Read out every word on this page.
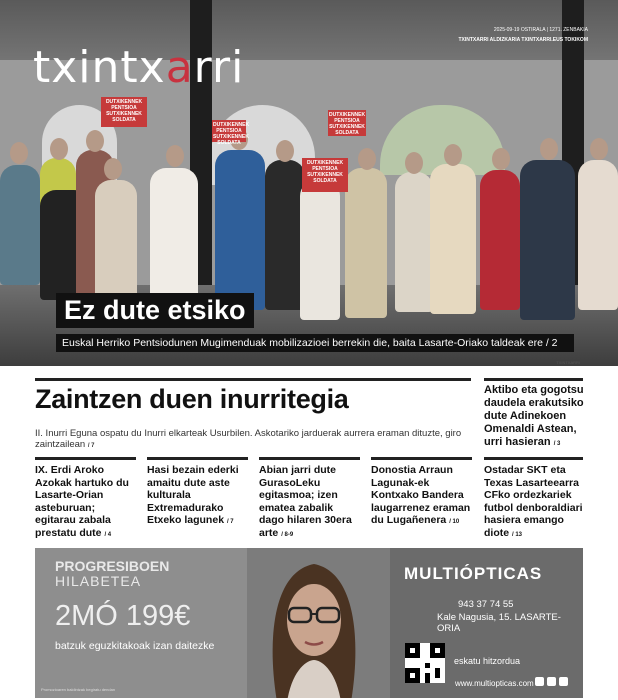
DUTXIKENNEK PENTSIOA SUTXIKENNEK SOLDATA
DUTXIKENNEK PENTSIOA SUTXIKENNEK SOLDATA
DUTXIKENNEK PENTSIOA SUTXIKENNEK SOLDATA
DUTXIKENNEK PENTSIOA SUTXIKENNEK SOLDATA
txintxarri
2025-09-19 OSTIRALA | 1271. ZENBAKIA
TXINTXARRI ALDIZKARIA TXINTXARRI.EUS TOKIKOM
Ez dute etsiko
Euskal Herriko Pentsiodunen Mugimenduak mobilizazioei berrekin die, baita Lasarte-Oriako taldeak ere / 2
TXINTXARRI
Zaintzen duen inurritegia
II. Inurri Eguna ospatu du Inurri elkarteak Usurbilen. Askotariko jarduerak aurrera eraman dituzte, giro zaintzailean / 7
Aktibo eta gogotsu daudela erakutsiko dute Adinekoen Omenaldi Astean, urri hasieran / 3
IX. Erdi Aroko Azokak hartuko du Lasarte-Orian asteburuan; egitarau zabala prestatu dute / 4
Hasi bezain ederki amaitu dute aste kulturala Extremadurako Etxeko lagunek / 7
Abian jarri dute GurasoLeku egitasmoa; izen ematea zabalik dago hilaren 30era arte / 8-9
Donostia Arraun Lagunak-ek Kontxako Bandera laugarrenez eraman du Lugañenera / 10
Ostadar SKT eta Texas Lasarteearra CFko ordezkariek futbol denboraldiari hasiera emango diote / 13
PROGRESIBOEN
HILABETEA
2MÓ 199€
batzuk eguzkitakoak izan daitezke
Promozioaren baldintzak begiratu dendan
MULTIÓPTICAS
943 37 74 55
Kale Nagusia, 15. LASARTE-ORIA
eskatu hitzordua
www.multiopticas.com
